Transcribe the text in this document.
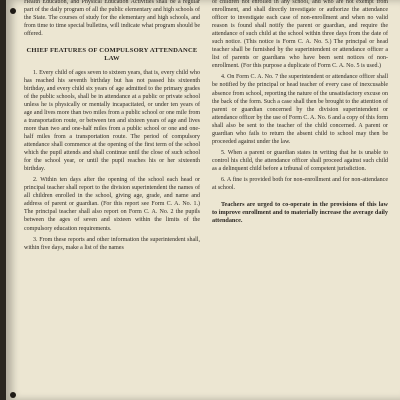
Health Education, and Physical Education Activities shall be a regular part of the daily program of all the public elementary and high schools of the State. The courses of study for the elementary and high schools, and from time to time special bulletins, will indicate what program should be offered.

CHIEF FEATURES OF COMPULSORY ATTENDANCE LAW

1. Every child of ages seven to sixteen years, that is, every child who has reached his seventh birthday but has not passed his sixteenth birthday, and every child six years of age admitted to the primary grades of the public schools, shall be in attendance at a public or private school unless he is physically or mentally incapacitated, or under ten years of age and lives more than two miles from a public school or one mile from a transportation route, or between ten and sixteen years of age and lives more than two and one-half miles from a public school or one and one-half miles from a transportation route. The period of compulsory attendance shall commence at the opening of the first term of the school which the pupil attends and shall continue until the close of such school for the school year, or until the pupil reaches his or her sixteenth birthday.

2. Within ten days after the opening of the school each head or principal teacher shall report to the division superintendent the names of all children enrolled in the school, giving age, grade, and name and address of parent or guardian. (For this report see Form C. A. No. 1.) The principal teacher shall also report on Form C. A. No. 2 the pupils between the ages of seven and sixteen within the limits of the compulsory education requirements.

3. From these reports and other information the superintendent shall, within five days, make a list of the names

of children not enrolled in any school, and who are not exempt from enrollment, and shall directly investigate or authorize the attendance officer to investigate each case of non-enrollment and when no valid reason is found shall notify the parent or guardian, and require the attendance of such child at the school within three days from the date of such notice. (This notice is Form C. A. No. 5.) The principal or head teacher shall be furnished by the superintendent or attendance officer a list of parents or guardians who have been sent notices of non-enrollment. (For this purpose a duplicate of Form C. A. No. 5 is used.)

4. On Form C. A. No. 7 the superintendent or attendance officer shall be notified by the principal or head teacher of every case of inexcusable absence from school, reporting the nature of the unsatisfactory excuse on the back of the form. Such a case shall then be brought to the attention of parent or guardian concerned by the division superintendent or attendance officer by the use of Form C. A. No. 6 and a copy of this form shall also be sent to the teacher of the child concerned. A parent or guardian who fails to return the absent child to school may then be proceeded against under the law.

5. When a parent or guardian states in writing that he is unable to control his child, the attendance officer shall proceed against such child as a delinquent child before a tribunal of competent jurisdiction.

6. A fine is provided both for non-enrollment and for non-attendance at school.

Teachers are urged to co-operate in the provisions of this law to improve enrollment and to materially increase the average daily attendance.
